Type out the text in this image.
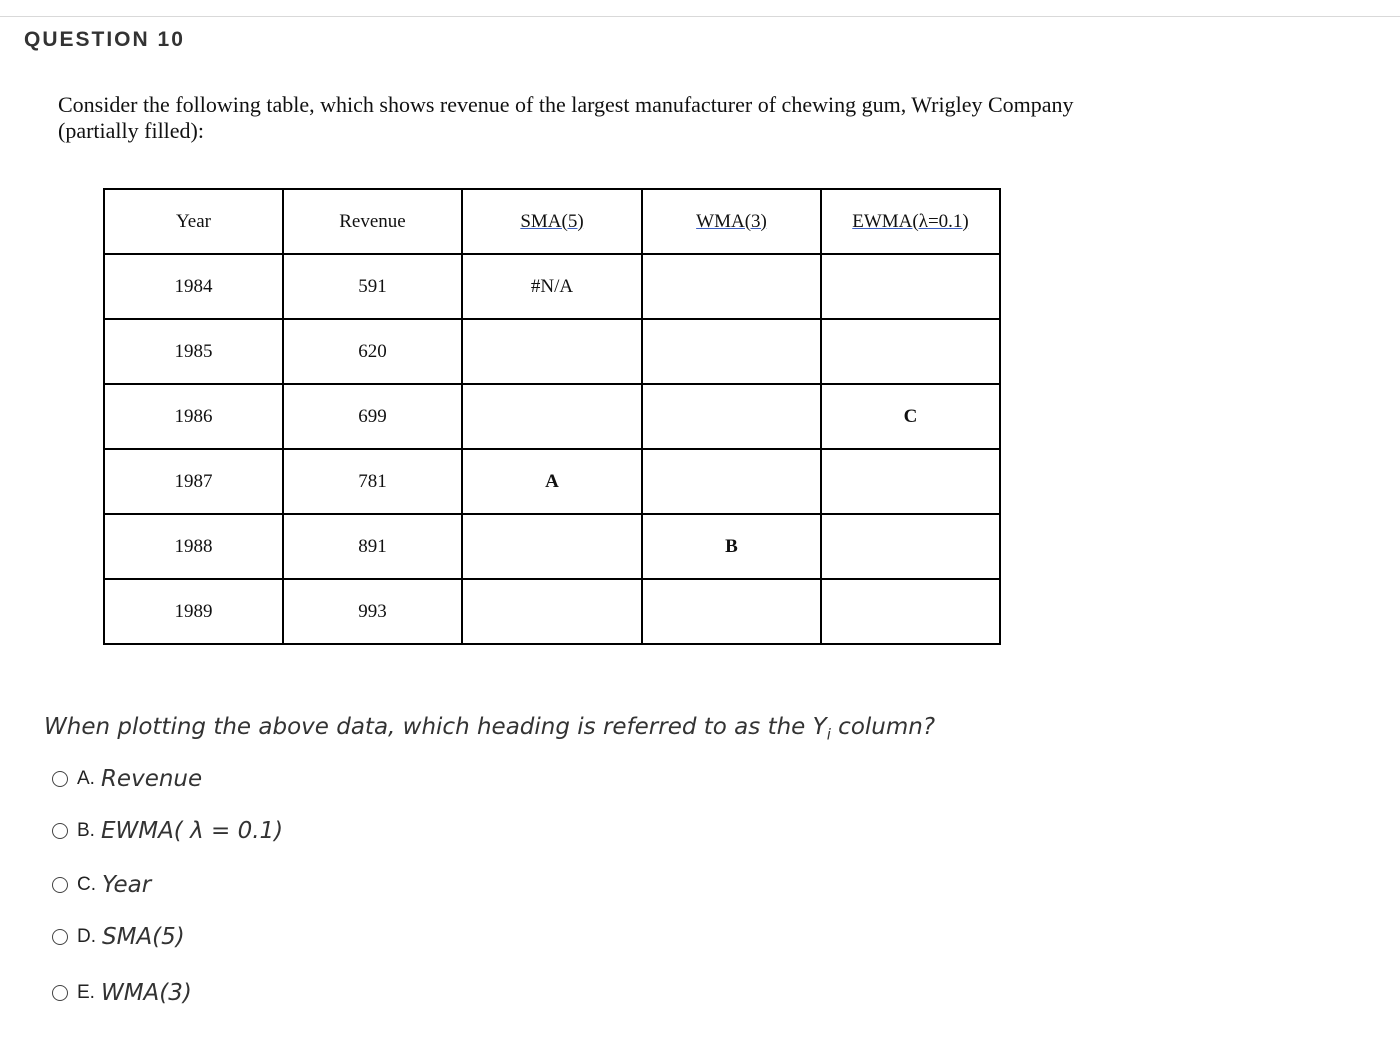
QUESTION 10
Consider the following table, which shows revenue of the largest manufacturer of chewing gum, Wrigley Company (partially filled):
Year	Revenue	SMA(5)	WMA(3)	EWMA(λ=0.1)
1984	591	#N/A		
1985	620			
1986	699			C
1987	781	A		
1988	891		B	
1989	993			
When plotting the above data, which heading is referred to as the $Y_i$ column?
A. Revenue
B. EWMA( λ = 0.1)
C. Year
D. SMA(5)
E. WMA(3)
